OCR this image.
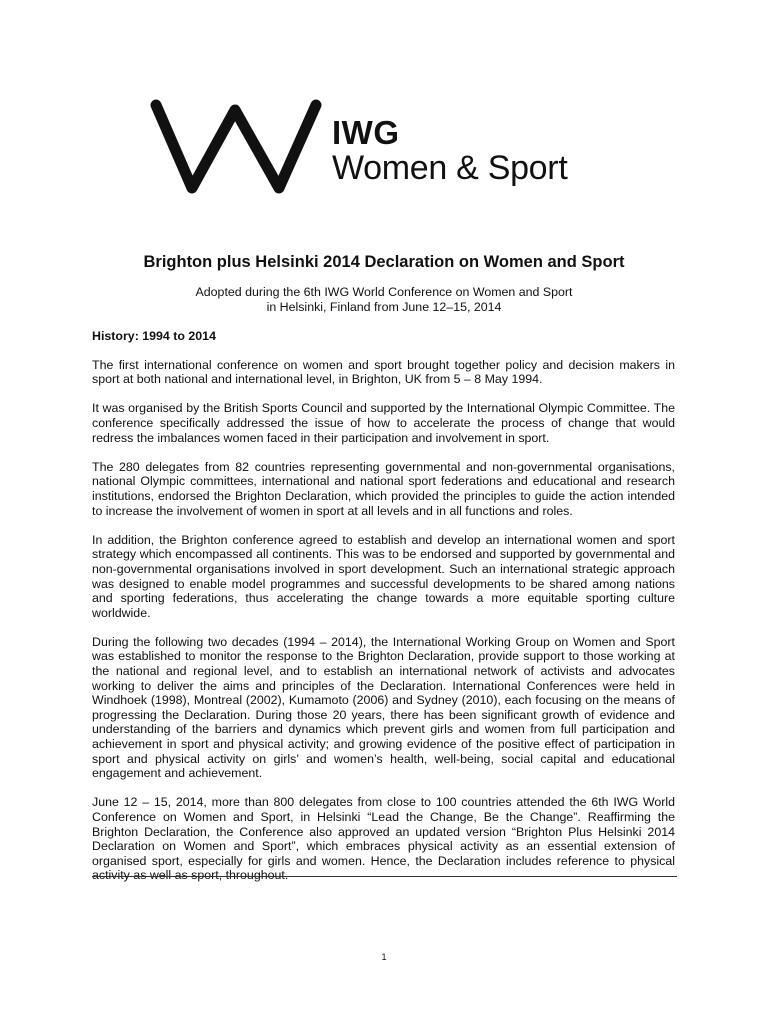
IWG
Women & Sport
Brighton plus Helsinki 2014 Declaration on Women and Sport
Adopted during the 6th IWG World Conference on Women and Sport
in Helsinki, Finland from June 12–15, 2014
History: 1994 to 2014

The first international conference on women and sport brought together policy and decision makers in sport at both national and international level, in Brighton, UK from 5 – 8 May 1994.

It was organised by the British Sports Council and supported by the International Olympic Committee. The conference specifically addressed the issue of how to accelerate the process of change that would redress the imbalances women faced in their participation and involvement in sport.

The 280 delegates from 82 countries representing governmental and non-governmental organisations, national Olympic committees, international and national sport federations and educational and research institutions, endorsed the Brighton Declaration, which provided the principles to guide the action intended to increase the involvement of women in sport at all levels and in all functions and roles.

In addition, the Brighton conference agreed to establish and develop an international women and sport strategy which encompassed all continents. This was to be endorsed and supported by governmental and non-governmental organisations involved in sport development. Such an international strategic approach was designed to enable model programmes and successful developments to be shared among nations and sporting federations, thus accelerating the change towards a more equitable sporting culture worldwide.

During the following two decades (1994 – 2014), the International Working Group on Women and Sport was established to monitor the response to the Brighton Declaration, provide support to those working at the national and regional level, and to establish an international network of activists and advocates working to deliver the aims and principles of the Declaration. International Conferences were held in Windhoek (1998), Montreal (2002), Kumamoto (2006) and Sydney (2010), each focusing on the means of progressing the Declaration. During those 20 years, there has been significant growth of evidence and understanding of the barriers and dynamics which prevent girls and women from full participation and achievement in sport and physical activity; and growing evidence of the positive effect of participation in sport and physical activity on girls’ and women’s health, well-being, social capital and educational engagement and achievement.

June 12 – 15, 2014, more than 800 delegates from close to 100 countries attended the 6th IWG World Conference on Women and Sport, in Helsinki “Lead the Change, Be the Change”. Reaffirming the Brighton Declaration, the Conference also approved an updated version “Brighton Plus Helsinki 2014 Declaration on Women and Sport”, which embraces physical activity as an essential extension of organised sport, especially for girls and women. Hence, the Declaration includes reference to physical activity as well as sport, throughout.

1
